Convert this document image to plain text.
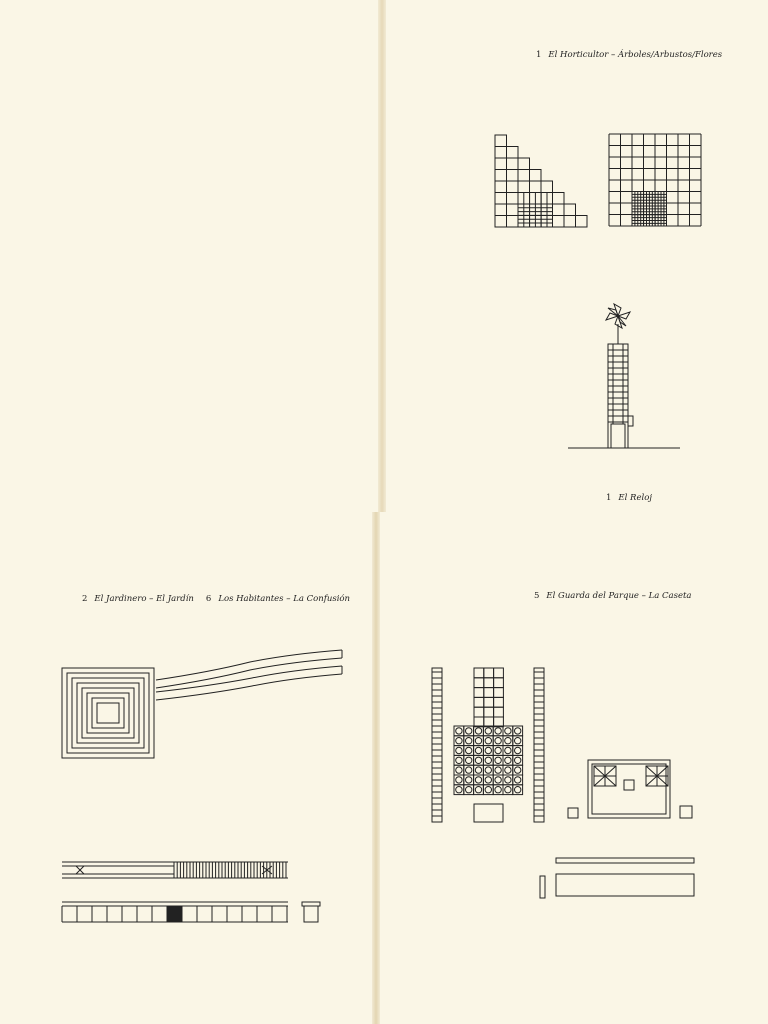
1 El Horticultor – Árboles/Arbustos/Flores
1 El Reloj
2 El Jardinero – El Jardín 6 Los Habitantes – La Confusión	5 El Guarda del Parque – La Caseta
